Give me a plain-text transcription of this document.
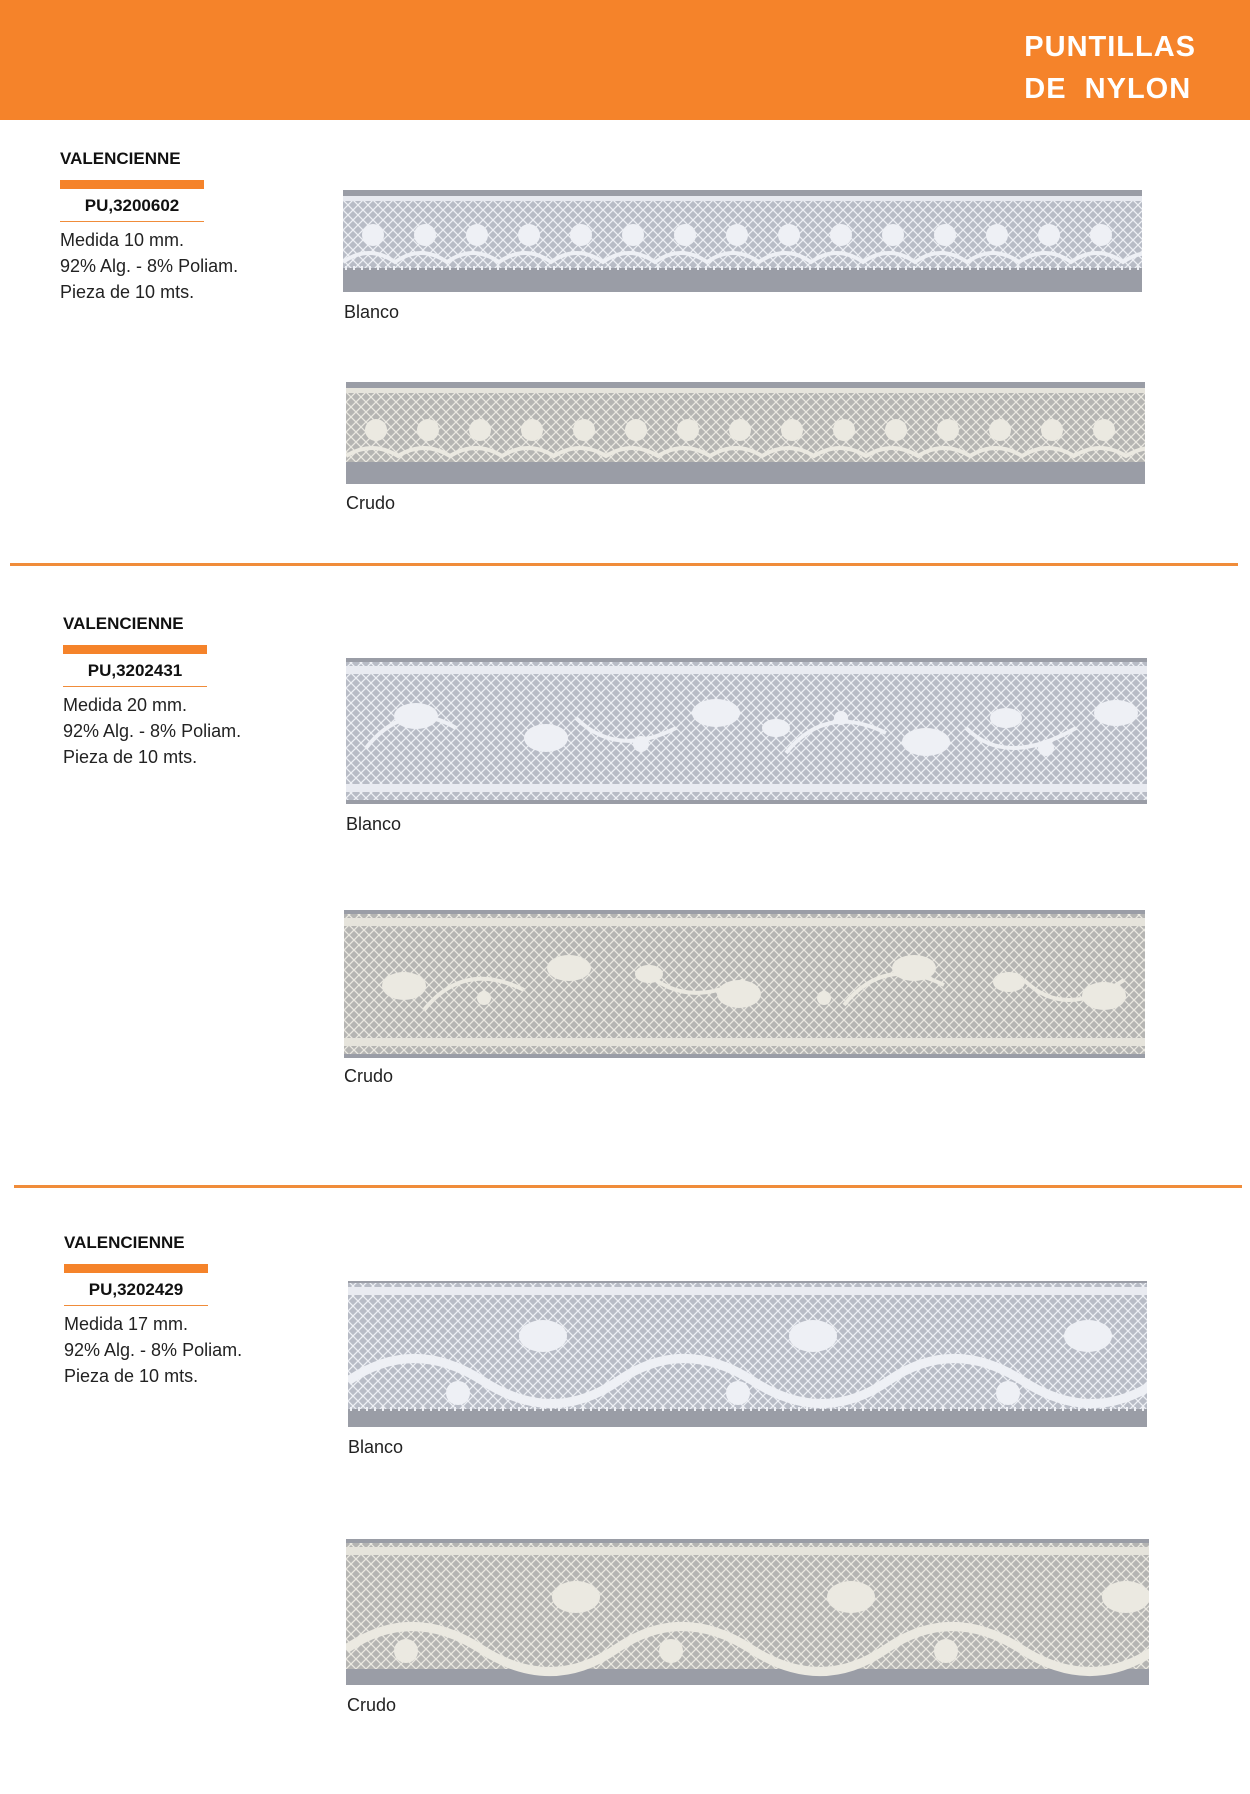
PUNTILLAS
DE  NYLON
VALENCIENNE
PU,3200602
Medida 10 mm.
92% Alg. - 8% Poliam.
Pieza de 10 mts.
Blanco
Crudo
VALENCIENNE
PU,3202431
Medida 20 mm.
92% Alg. - 8% Poliam.
Pieza de 10 mts.
Blanco
Crudo
VALENCIENNE
PU,3202429
Medida 17 mm.
92% Alg. - 8% Poliam.
Pieza de 10 mts.
Blanco
Crudo
